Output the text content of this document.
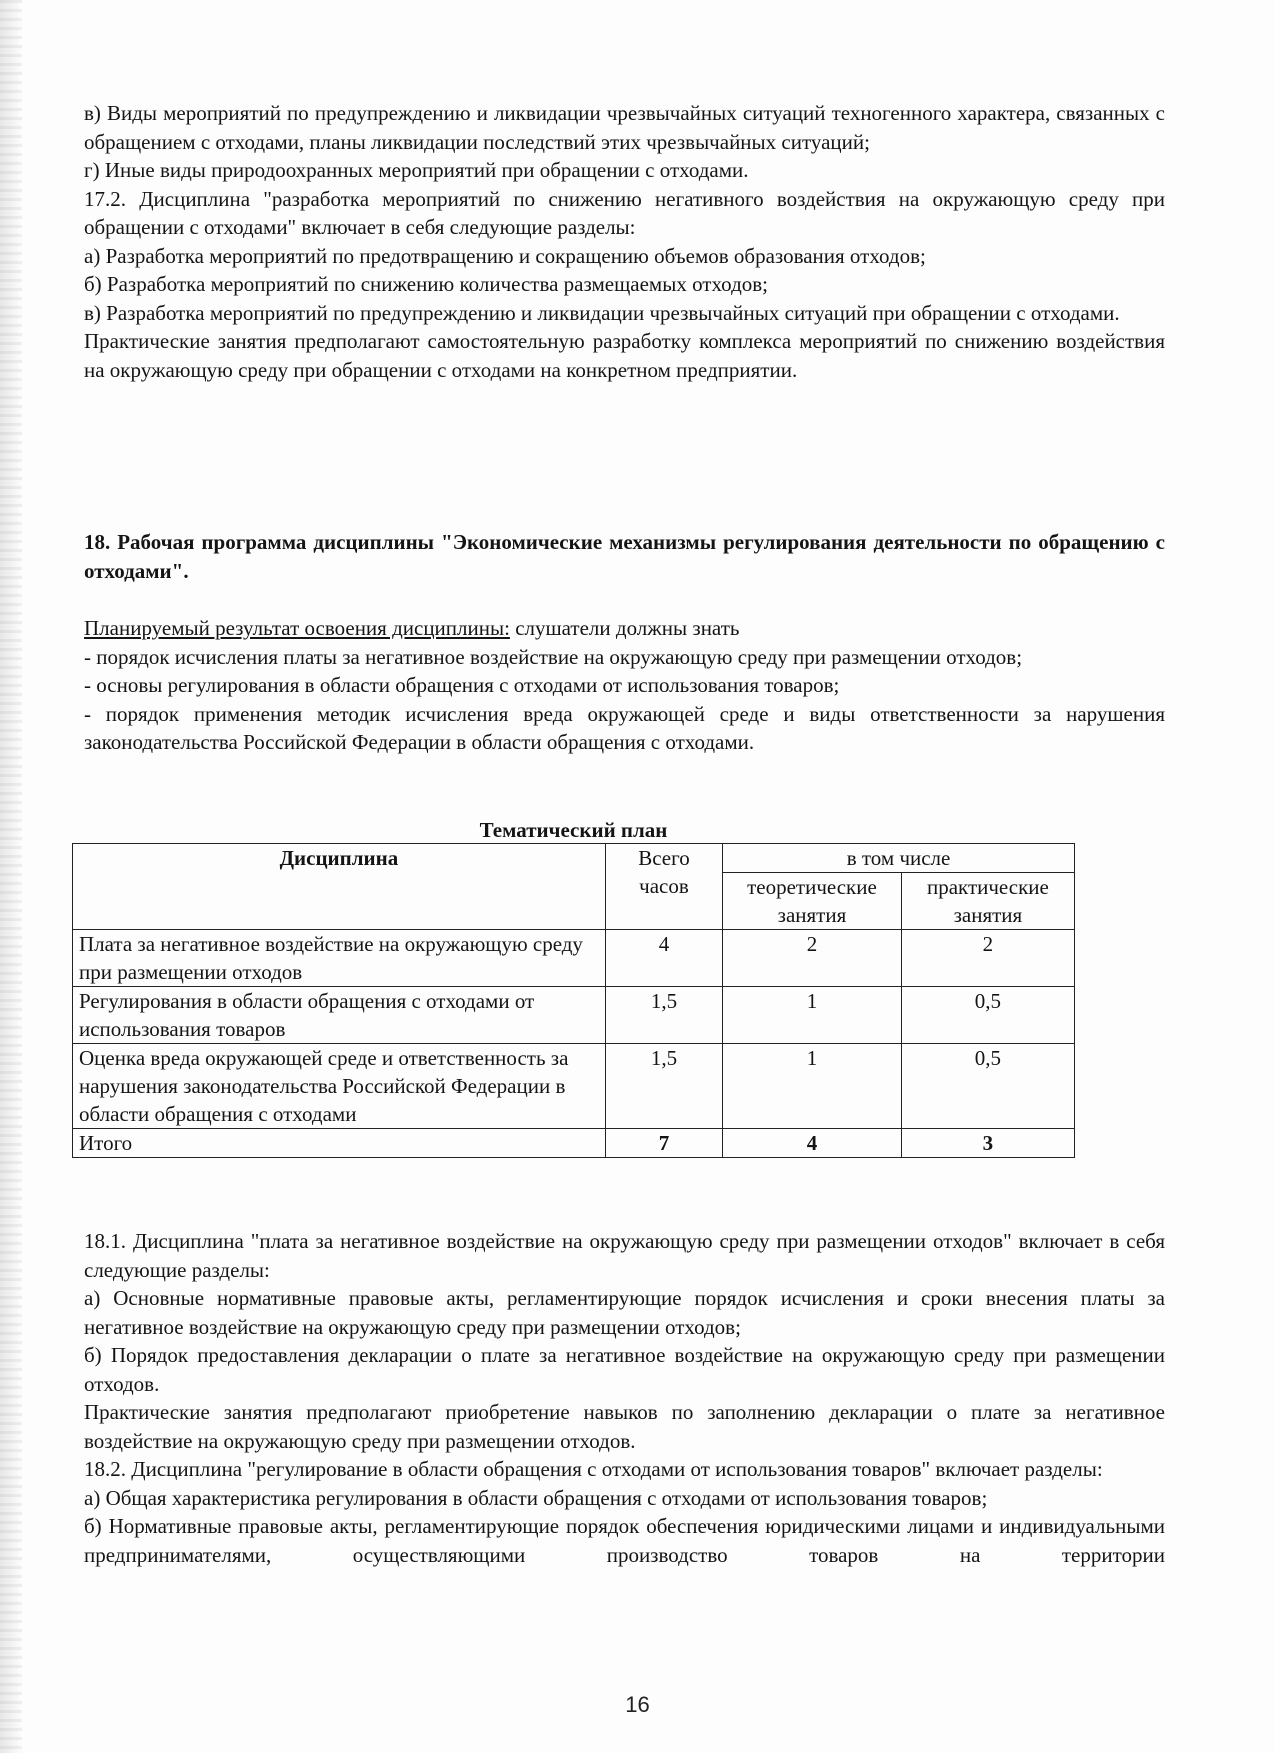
в) Виды мероприятий по предупреждению и ликвидации чрезвычайных ситуаций техногенного характера, связанных с обращением с отходами, планы ликвидации последствий этих чрезвычайных ситуаций;

г) Иные виды природоохранных мероприятий при обращении с отходами.

17.2. Дисциплина "разработка мероприятий по снижению негативного воздействия на окружающую среду при обращении с отходами" включает в себя следующие разделы:

а) Разработка мероприятий по предотвращению и сокращению объемов образования отходов;

б) Разработка мероприятий по снижению количества размещаемых отходов;

в) Разработка мероприятий по предупреждению и ликвидации чрезвычайных ситуаций при обращении с отходами.

Практические занятия предполагают самостоятельную разработку комплекса мероприятий по снижению воздействия на окружающую среду при обращении с отходами на конкретном предприятии.

18. Рабочая программа дисциплины "Экономические механизмы регулирования деятельности по обращению с отходами".

Планируемый результат освоения дисциплины: слушатели должны знать

- порядок исчисления платы за негативное воздействие на окружающую среду при размещении отходов;

- основы регулирования в области обращения с отходами от использования товаров;

- порядок применения методик исчисления вреда окружающей среде и виды ответственности за нарушения законодательства Российской Федерации в области обращения с отходами.

Тематический план
Дисциплина	Всего часов	в том числе	
		теоретические занятия	практические занятия
Плата за негативное воздействие на окружающую среду при размещении отходов	4	2	2
Регулирования в области обращения с отходами от использования товаров	1,5	1	0,5
Оценка вреда окружающей среде и ответственность за нарушения законодательства Российской Федерации в области обращения с отходами	1,5	1	0,5
Итого	7	4	3

18.1. Дисциплина "плата за негативное воздействие на окружающую среду при размещении отходов" включает в себя следующие разделы:

а) Основные нормативные правовые акты, регламентирующие порядок исчисления и сроки внесения платы за негативное воздействие на окружающую среду при размещении отходов;

б) Порядок предоставления декларации о плате за негативное воздействие на окружающую среду при размещении отходов.

Практические занятия предполагают приобретение навыков по заполнению декларации о плате за негативное воздействие на окружающую среду при размещении отходов.

18.2. Дисциплина "регулирование в области обращения с отходами от использования товаров" включает разделы:

а) Общая характеристика регулирования в области обращения с отходами от использования товаров;

б) Нормативные правовые акты, регламентирующие порядок обеспечения юридическими лицами и индивидуальными предпринимателями, осуществляющими производство товаров на территории

16
